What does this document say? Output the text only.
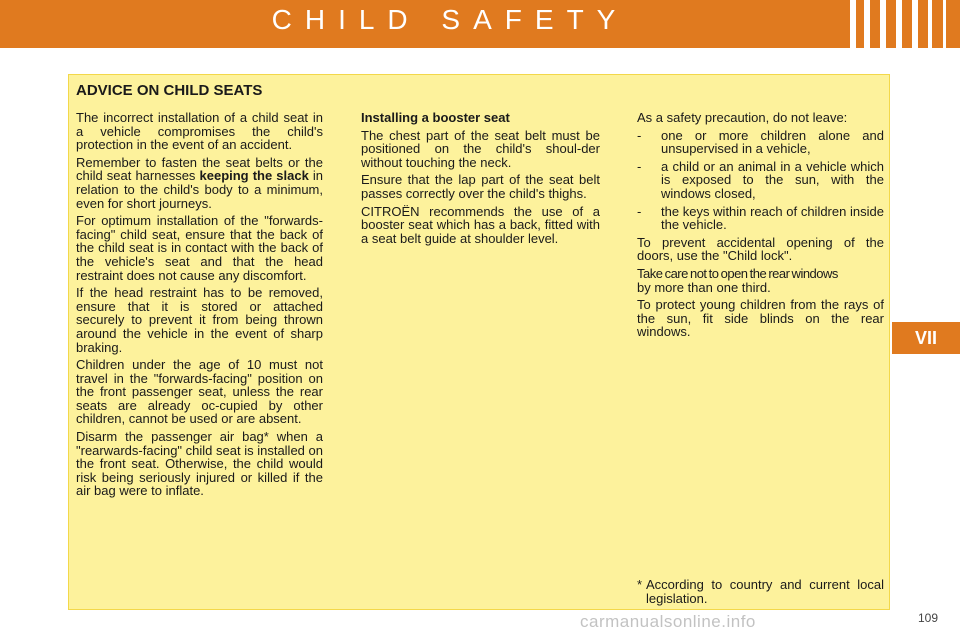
CHILD SAFETY
ADVICE ON CHILD SEATS

The incorrect installation of a child seat in a vehicle compromises the child's protection in the event of an accident.

Remember to fasten the seat belts or the child seat harnesses keeping the slack in relation to the child's body to a minimum, even for short journeys.

For optimum installation of the "forwards-facing" child seat, ensure that the back of the child seat is in contact with the back of the vehicle's seat and that the head restraint does not cause any discomfort.

If the head restraint has to be removed, ensure that it is stored or attached securely to prevent it from being thrown around the vehicle in the event of sharp braking.

Children under the age of 10 must not travel in the "forwards-facing" position on the front passenger seat, unless the rear seats are already oc-cupied by other children, cannot be used or are absent.

Disarm the passenger air bag* when a "rearwards-facing" child seat is installed on the front seat. Otherwise, the child would risk being seriously injured or killed if the air bag were to inflate.

Installing a booster seat

The chest part of the seat belt must be positioned on the child's shoul-der without touching the neck.

Ensure that the lap part of the seat belt passes correctly over the child's thighs.

CITROËN recommends the use of a booster seat which has a back, fitted with a seat belt guide at shoulder level.

As a safety precaution, do not leave:

- one or more children alone and unsupervised in a vehicle,
- a child or an animal in a vehicle which is exposed to the sun, with the windows closed,
- the keys within reach of children inside the vehicle.

To prevent accidental opening of the doors, use the "Child lock".

Take care not to open the rear windows
by more than one third.

To protect young children from the rays of the sun, fit side blinds on the rear windows.

* According to country and current local legislation.
VII
carmanualsonline.info	109
